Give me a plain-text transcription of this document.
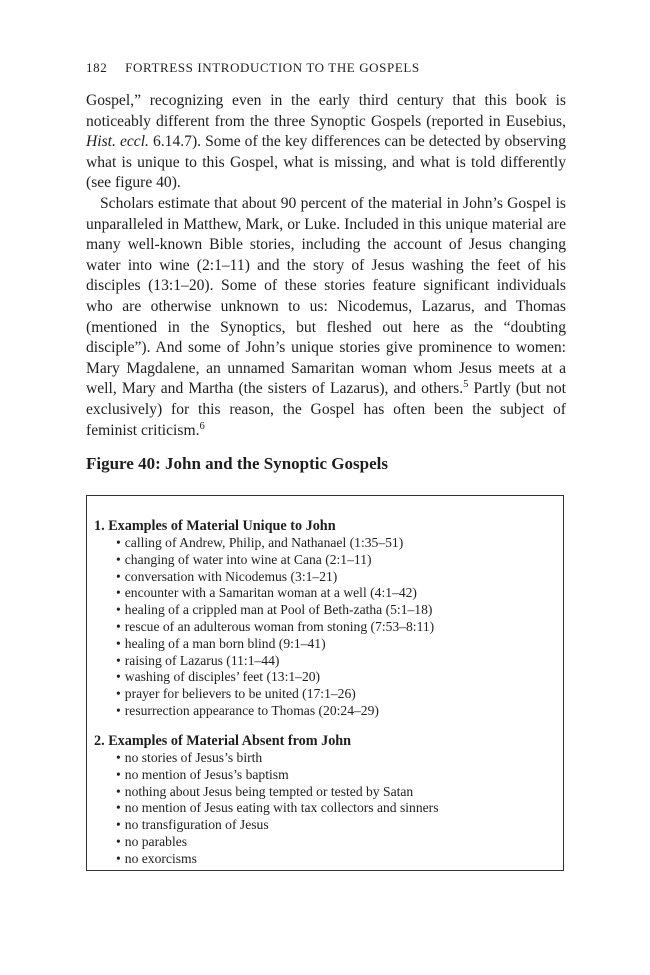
182 FORTRESS INTRODUCTION TO THE GOSPELS

Gospel,” recognizing even in the early third century that this book is noticeably different from the three Synoptic Gospels (reported in Eusebius, Hist. eccl. 6.14.7). Some of the key differences can be detected by observing what is unique to this Gospel, what is missing, and what is told differently (see figure 40).

Scholars estimate that about 90 percent of the material in John’s Gospel is unparalleled in Matthew, Mark, or Luke. Included in this unique material are many well-known Bible stories, including the account of Jesus changing water into wine (2:1–11) and the story of Jesus washing the feet of his disciples (13:1–20). Some of these stories feature significant individuals who are otherwise unknown to us: Nicodemus, Lazarus, and Thomas (mentioned in the Synoptics, but fleshed out here as the “doubting disciple”). And some of John’s unique stories give prominence to women: Mary Magdalene, an unnamed Samaritan woman whom Jesus meets at a well, Mary and Martha (the sisters of Lazarus), and others.$^5$ Partly (but not exclusively) for this reason, the Gospel has often been the subject of feminist criticism.$^6$

Figure 40: John and the Synoptic Gospels

1. Examples of Material Unique to John

• calling of Andrew, Philip, and Nathanael (1:35–51)
• changing of water into wine at Cana (2:1–11)
• conversation with Nicodemus (3:1–21)
• encounter with a Samaritan woman at a well (4:1–42)
• healing of a crippled man at Pool of Beth-zatha (5:1–18)
• rescue of an adulterous woman from stoning (7:53–8:11)
• healing of a man born blind (9:1–41)
• raising of Lazarus (11:1–44)
• washing of disciples’ feet (13:1–20)
• prayer for believers to be united (17:1–26)
• resurrection appearance to Thomas (20:24–29)

2. Examples of Material Absent from John

• no stories of Jesus’s birth
• no mention of Jesus’s baptism
• nothing about Jesus being tempted or tested by Satan
• no mention of Jesus eating with tax collectors and sinners
• no transfiguration of Jesus
• no parables
• no exorcisms
